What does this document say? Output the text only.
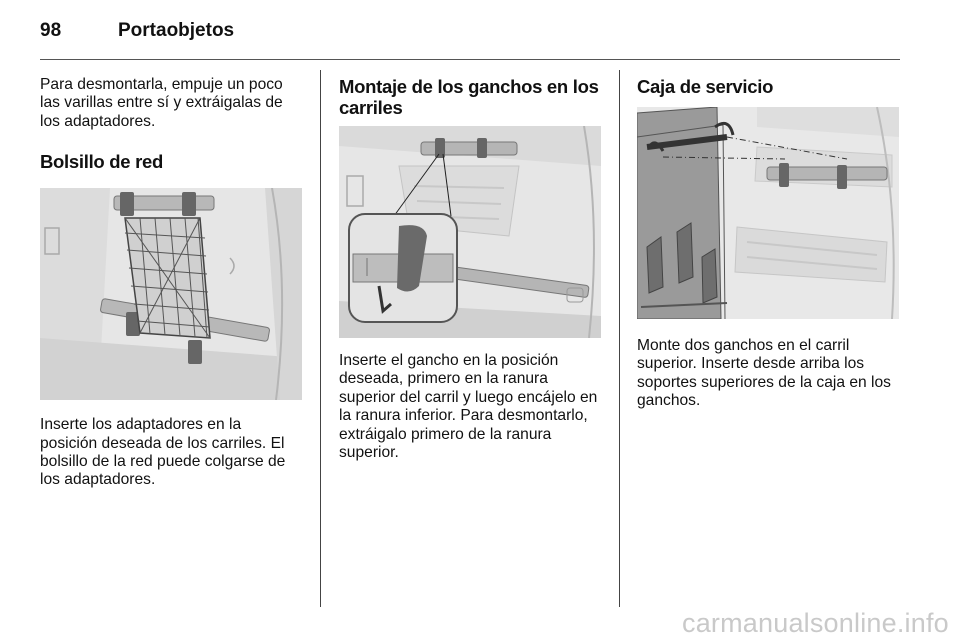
98	Portaobjetos

Para desmontarla, empuje un poco las varillas entre sí y extráigalas de los adaptadores.

Bolsillo de red

Inserte los adaptadores en la posición deseada de los carriles. El bolsillo de la red puede colgarse de los adaptadores.

Montaje de los ganchos en los carriles

Inserte el gancho en la posición deseada, primero en la ranura superior del carril y luego encájelo en la ranura inferior. Para desmontarlo, extráigalo primero de la ranura superior.

Caja de servicio

Monte dos ganchos en el carril superior. Inserte desde arriba los soportes superiores de la caja en los ganchos.

carmanualsonline.info
